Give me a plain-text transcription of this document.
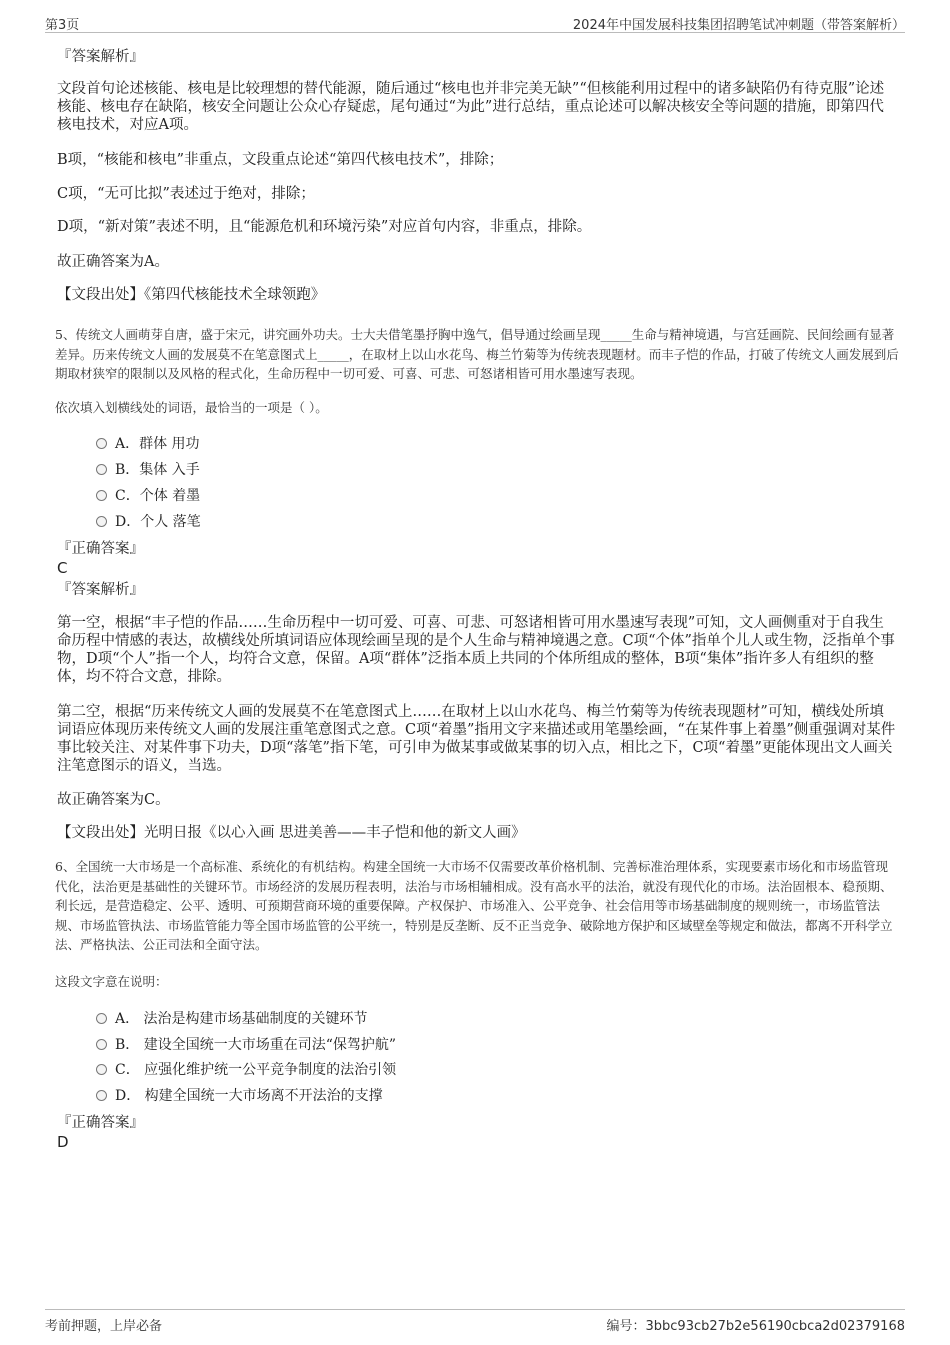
第3页	2024年中国发展科技集团招聘笔试冲刺题（带答案解析）
『答案解析』

文段首句论述核能、核电是比较理想的替代能源，随后通过“核电也并非完美无缺”“但核能利用过程中的诸多缺陷仍有待克服”论述核能、核电存在缺陷，核安全问题让公众心存疑虑，尾句通过“为此”进行总结，重点论述可以解决核安全等问题的措施，即第四代核电技术，对应A项。

B项，“核能和核电”非重点，文段重点论述“第四代核电技术”，排除；

C项，“无可比拟”表述过于绝对，排除；

D项，“新对策”表述不明，且“能源危机和环境污染”对应首句内容，非重点，排除。

故正确答案为A。

【文段出处】《第四代核能技术全球领跑》

5、传统文人画萌芽自唐，盛于宋元，讲究画外功夫。士大夫借笔墨抒胸中逸气，倡导通过绘画呈现_____生命与精神境遇，与宫廷画院、民间绘画有显著差异。历来传统文人画的发展莫不在笔意图式上_____，在取材上以山水花鸟、梅兰竹菊等为传统表现题材。而丰子恺的作品，打破了传统文人画发展到后期取材狭窄的限制以及风格的程式化，生命历程中一切可爱、可喜、可悲、可怒诸相皆可用水墨速写表现。

依次填入划横线处的词语，最恰当的一项是（ ）。

A．群体 用功
B．集体 入手
C．个体 着墨
D．个人 落笔
『正确答案』
C
『答案解析』

第一空，根据“丰子恺的作品……生命历程中一切可爱、可喜、可悲、可怒诸相皆可用水墨速写表现”可知，文人画侧重对于自我生命历程中情感的表达，故横线处所填词语应体现绘画呈现的是个人生命与精神境遇之意。C项“个体”指单个儿人或生物，泛指单个事物，D项“个人”指一个人，均符合文意，保留。A项“群体”泛指本质上共同的个体所组成的整体，B项“集体”指许多人有组织的整体，均不符合文意，排除。

第二空，根据“历来传统文人画的发展莫不在笔意图式上……在取材上以山水花鸟、梅兰竹菊等为传统表现题材”可知，横线处所填词语应体现历来传统文人画的发展注重笔意图式之意。C项“着墨”指用文字来描述或用笔墨绘画，“在某件事上着墨”侧重强调对某件事比较关注、对某件事下功夫，D项“落笔”指下笔，可引申为做某事或做某事的切入点，相比之下，C项“着墨”更能体现出文人画关注笔意图示的语义，当选。

故正确答案为C。

【文段出处】光明日报《以心入画 思进美善——丰子恺和他的新文人画》

6、全国统一大市场是一个高标准、系统化的有机结构。构建全国统一大市场不仅需要改革价格机制、完善标准治理体系，实现要素市场化和市场监管现代化，法治更是基础性的关键环节。市场经济的发展历程表明，法治与市场相辅相成。没有高水平的法治，就没有现代化的市场。法治固根本、稳预期、利长远，是营造稳定、公平、透明、可预期营商环境的重要保障。产权保护、市场准入、公平竞争、社会信用等市场基础制度的规则统一，市场监管法规、市场监管执法、市场监管能力等全国市场监管的公平统一，特别是反垄断、反不正当竞争、破除地方保护和区域壁垒等规定和做法，都离不开科学立法、严格执法、公正司法和全面守法。

这段文字意在说明：

A． 法治是构建市场基础制度的关键环节
B． 建设全国统一大市场重在司法“保驾护航”
C． 应强化维护统一公平竞争制度的法治引领
D． 构建全国统一大市场离不开法治的支撑
『正确答案』
D
考前押题，上岸必备	编号：3bbc93cb27b2e56190cbca2d02379168
